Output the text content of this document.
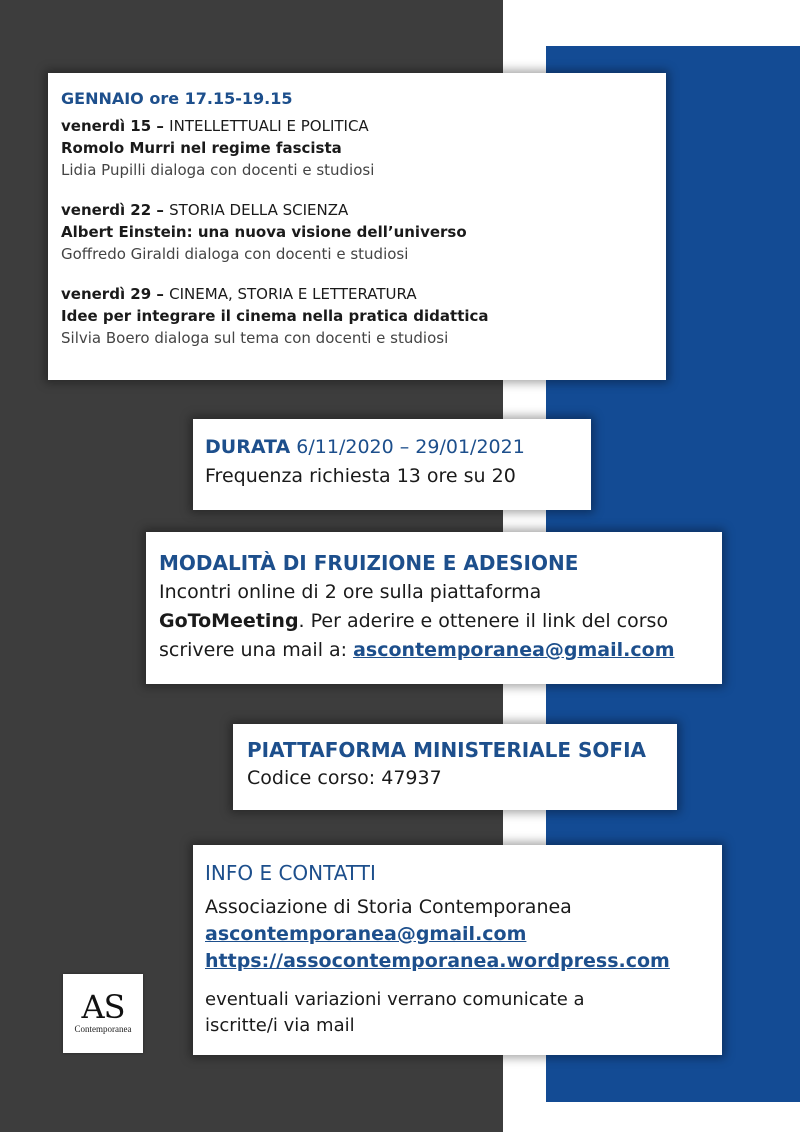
GENNAIO ore 17.15-19.15
venerdì 15 – INTELLETTUALI E POLITICA
Romolo Murri nel regime fascista
Lidia Pupilli dialoga con docenti e studiosi
venerdì 22 – STORIA DELLA SCIENZA
Albert Einstein: una nuova visione dell’universo
Goffredo Giraldi dialoga con docenti e studiosi
venerdì 29 – CINEMA, STORIA E LETTERATURA
Idee per integrare il cinema nella pratica didattica
Silvia Boero dialoga sul tema con docenti e studiosi
DURATA 6/11/2020 – 29/01/2021
Frequenza richiesta 13 ore su 20
MODALITÀ DI FRUIZIONE E ADESIONE
Incontri online di 2 ore sulla piattaforma
GoToMeeting. Per aderire e ottenere il link del corso
scrivere una mail a: ascontemporanea@gmail.com
PIATTAFORMA MINISTERIALE SOFIA
Codice corso: 47937
INFO E CONTATTI
Associazione di Storia Contemporanea
ascontemporanea@gmail.com
https://assocontemporanea.wordpress.com
eventuali variazioni verrano comunicate a
iscritte/i via mail
AS
Contemporanea
